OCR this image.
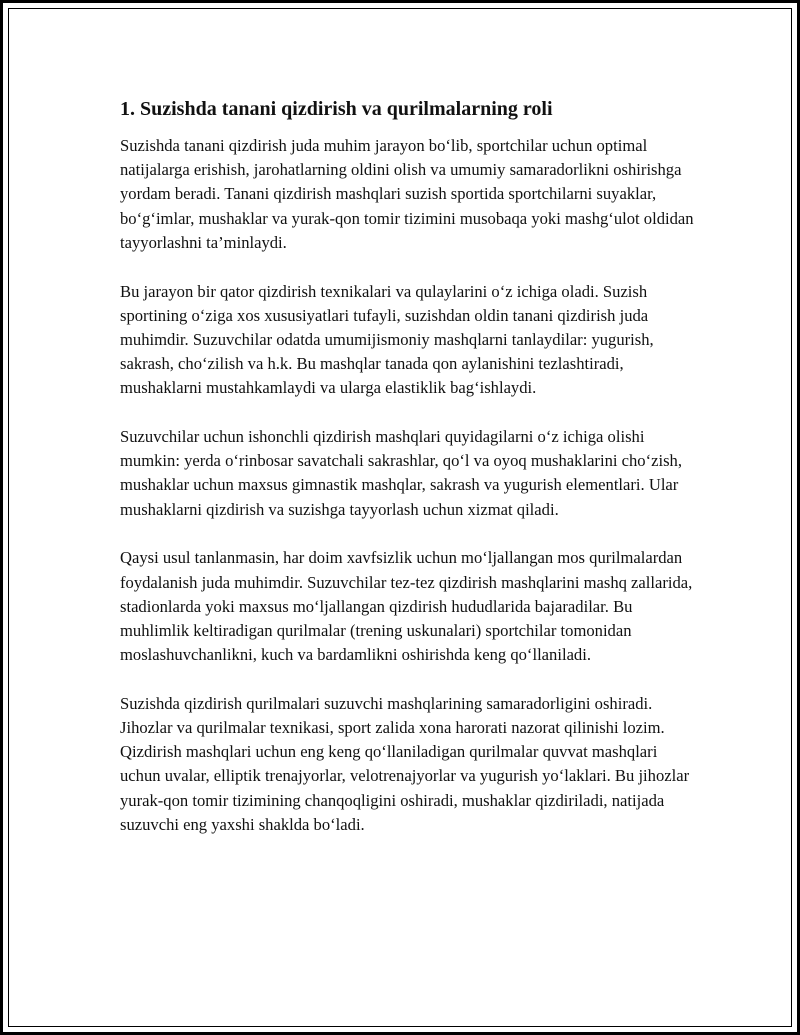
1. Suzishda tanani qizdirish va qurilmalarning roli

Suzishda tanani qizdirish juda muhim jarayon bo‘lib, sportchilar uchun optimal natijalarga erishish, jarohatlarning oldini olish va umumiy samaradorlikni oshirishga yordam beradi. Tanani qizdirish mashqlari suzish sportida sportchilarni suyaklar, bo‘g‘imlar, mushaklar va yurak-qon tomir tizimini musobaqa yoki mashg‘ulot oldidan tayyorlashni ta’minlaydi.

Bu jarayon bir qator qizdirish texnikalari va qulaylarini o‘z ichiga oladi. Suzish sportining o‘ziga xos xususiyatlari tufayli, suzishdan oldin tanani qizdirish juda muhimdir. Suzuvchilar odatda umumijismoniy mashqlarni tanlaydilar: yugurish, sakrash, cho‘zilish va h.k. Bu mashqlar tanada qon aylanishini tezlashtiradi, mushaklarni mustahkamlaydi va ularga elastiklik bag‘ishlaydi.

Suzuvchilar uchun ishonchli qizdirish mashqlari quyidagilarni o‘z ichiga olishi mumkin: yerda o‘rinbosar savatchali sakrashlar, qo‘l va oyoq mushaklarini cho‘zish, mushaklar uchun maxsus gimnastik mashqlar, sakrash va yugurish elementlari. Ular mushaklarni qizdirish va suzishga tayyorlash uchun xizmat qiladi.

Qaysi usul tanlanmasin, har doim xavfsizlik uchun mo‘ljallangan mos qurilmalardan foydalanish juda muhimdir. Suzuvchilar tez-tez qizdirish mashqlarini mashq zallarida, stadionlarda yoki maxsus mo‘ljallangan qizdirish hududlarida bajaradilar. Bu muhlimlik keltiradigan qurilmalar (trening uskunalari) sportchilar tomonidan moslashuvchanlikni, kuch va bardamlikni oshirishda keng qo‘llaniladi.

Suzishda qizdirish qurilmalari suzuvchi mashqlarining samaradorligini oshiradi. Jihozlar va qurilmalar texnikasi, sport zalida xona harorati nazorat qilinishi lozim. Qizdirish mashqlari uchun eng keng qo‘llaniladigan qurilmalar quvvat mashqlari uchun uvalar, elliptik trenajyorlar, velotrenajyorlar va yugurish yo‘laklari. Bu jihozlar yurak-qon tomir tizimining chanqoqligini oshiradi, mushaklar qizdiriladi, natijada suzuvchi eng yaxshi shaklda bo‘ladi.
